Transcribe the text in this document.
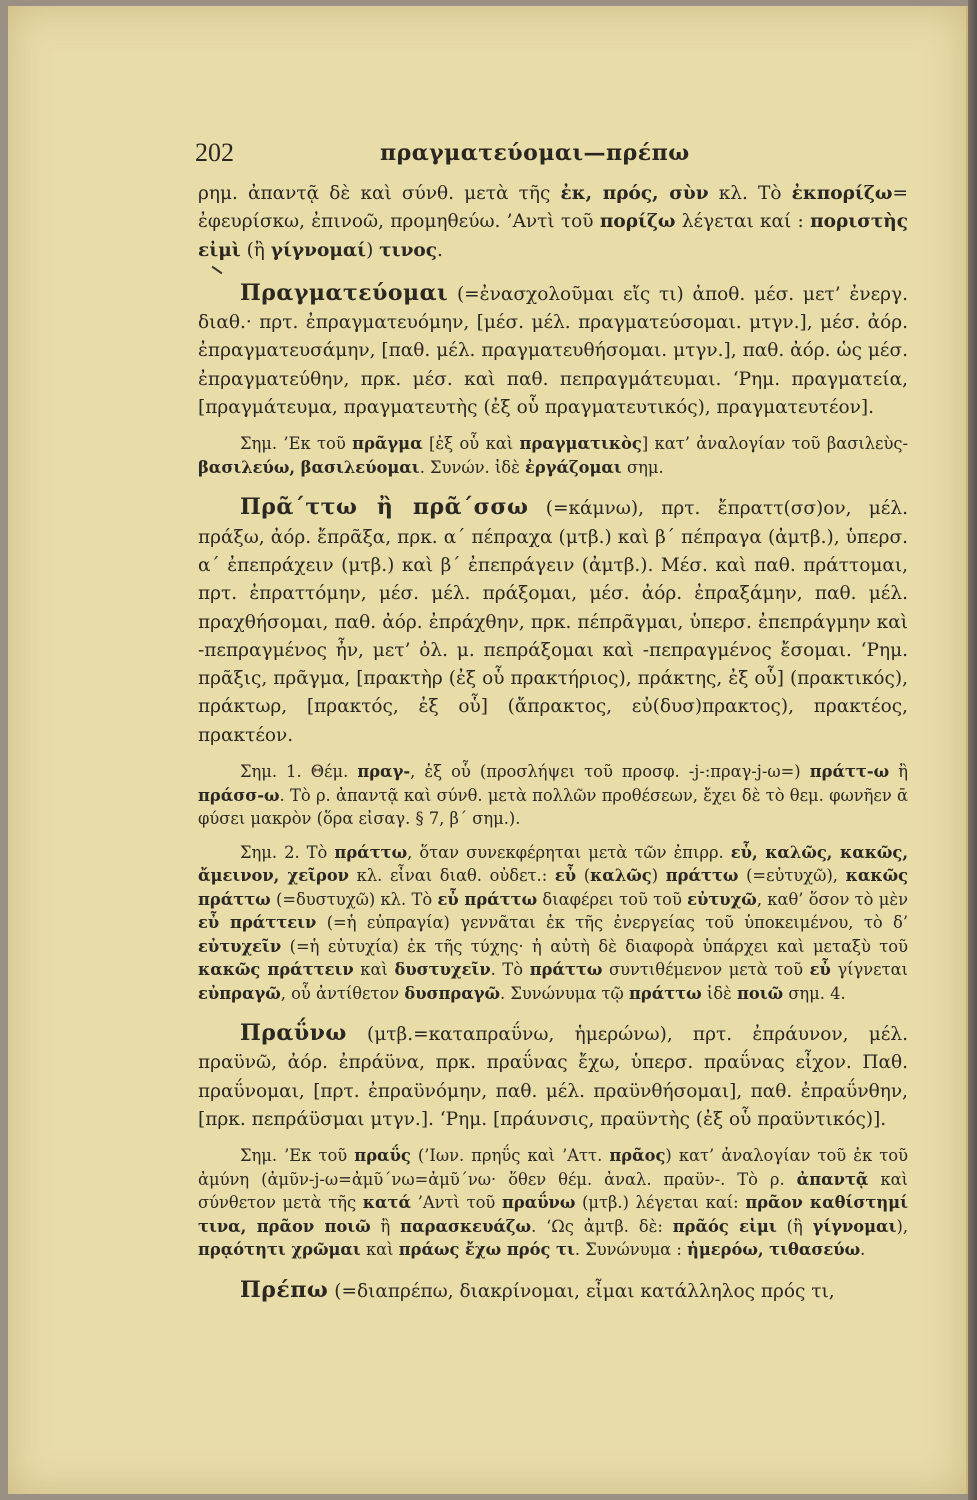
202	πραγματεύομαι—πρέπω

ρημ. ἀπαντᾷ δὲ καὶ σύνθ. μετὰ τῆς ἐκ, πρός, σὺν κλ. Τὸ ἐκπορίζω= ἐφευρίσκω, ἐπινοῶ, προμηθεύω. ’Αντὶ τοῦ πορίζω λέγεται καί : ποριστὴς εἰμὶ (ἢ γίγνομαί) τινος.

Πραγματεύομαι (=ἐνασχολοῦμαι εἴς τι) ἀποθ. μέσ. μετ’ ἐνεργ. διαθ.· πρτ. ἐπραγματευόμην, [μέσ. μέλ. πραγματεύσομαι. μτγν.], μέσ. ἀόρ. ἐπραγματευσάμην, [παθ. μέλ. πραγματευθήσομαι. μτγν.], παθ. ἀόρ. ὡς μέσ. ἐπραγματεύθην, πρκ. μέσ. καὶ παθ. πεπραγμάτευμαι. ‘Ρημ. πραγματεία, [πραγμάτευμα, πραγματευτὴς (ἐξ οὗ πραγματευτικός), πραγματευτέον].

Σημ. ’Εκ τοῦ πρᾶγμα [ἐξ οὗ καὶ πραγματικὸς] κατ’ ἀναλογίαν τοῦ βασιλεὺς-βασιλεύω, βασιλεύομαι. Συνών. ἰδὲ ἐργάζομαι σημ.

Πρᾶ΄ττω ἢ πρᾶ΄σσω (=κάμνω), πρτ. ἔπραττ(σσ)ον, μέλ. πράξω, ἀόρ. ἔπρᾶξα, πρκ. α΄ πέπραχα (μτβ.) καὶ β΄ πέπραγα (ἀμτβ.), ὑπερσ. α΄ ἐπεπράχειν (μτβ.) καὶ β΄ ἐπεπράγειν (ἀμτβ.). Μέσ. καὶ παθ. πράττομαι, πρτ. ἐπραττόμην, μέσ. μέλ. πράξομαι, μέσ. ἀόρ. ἐπραξάμην, παθ. μέλ. πραχθήσομαι, παθ. ἀόρ. ἐπράχθην, πρκ. πέπρᾶγμαι, ὑπερσ. ἐπεπράγμην καὶ -πεπραγμένος ἦν, μετ’ ὀλ. μ. πεπράξομαι καὶ -πεπραγμένος ἔσομαι. ‘Ρημ. πρᾶξις, πρᾶγμα, [πρακτὴρ (ἐξ οὗ πρακτήριος), πράκτης, ἐξ οὗ] (πρακτικός), πράκτωρ, [πρακτός, ἐξ οὗ] (ἄπρακτος, εὐ(δυσ)πρακτος), πρακτέος, πρακτέον.

Σημ. 1. Θέμ. πραγ-, ἐξ οὗ (προσλήψει τοῦ προσφ. -j-:πραγ-j-ω=) πράττ-ω ἢ πράσσ-ω. Τὸ ρ. ἀπαντᾷ καὶ σύνθ. μετὰ πολλῶν προθέσεων, ἔχει δὲ τὸ θεμ. φωνῆεν ᾱ φύσει μακρὸν (ὅρα εἰσαγ. § 7, β΄ σημ.).

Σημ. 2. Τὸ πράττω, ὅταν συνεκφέρηται μετὰ τῶν ἐπιρρ. εὖ, καλῶς, κακῶς, ἄμεινον, χεῖρον κλ. εἶναι διαθ. οὐδετ.: εὖ (καλῶς) πράττω (=εὐτυχῶ), κακῶς πράττω (=δυστυχῶ) κλ. Τὸ εὖ πράττω διαφέρει τοῦ τοῦ εὐτυχῶ, καθ’ ὅσον τὸ μὲν εὖ πράττειν (=ἡ εὐπραγία) γεννᾶται ἐκ τῆς ἐνεργείας τοῦ ὑποκειμένου, τὸ δ’ εὐτυχεῖν (=ἡ εὐτυχία) ἐκ τῆς τύχης· ἡ αὐτὴ δὲ διαφορὰ ὑπάρχει καὶ μεταξὺ τοῦ κακῶς πράττειν καὶ δυστυχεῖν. Τὸ πράττω συντιθέμενον μετὰ τοῦ εὖ γίγνεται εὐπραγῶ, οὗ ἀντίθετον δυσπραγῶ. Συνώνυμα τῷ πράττω ἰδὲ ποιῶ σημ. 4.

Πραΰνω (μτβ.=καταπραΰνω, ἡμερώνω), πρτ. ἐπράυνον, μέλ. πραϋνῶ, ἀόρ. ἐπράϋνα, πρκ. πραΰνας ἔχω, ὑπερσ. πραΰνας εἶχον. Παθ. πραΰνομαι, [πρτ. ἐπραϋνόμην, παθ. μέλ. πραϋνθήσομαι], παθ. ἐπραΰνθην, [πρκ. πεπράϋσμαι μτγν.]. ‘Ρημ. [πράυνσις, πραϋντὴς (ἐξ οὗ πραϋντικός)].

Σημ. ’Εκ τοῦ πραΰς (’Ιων. πρηΰς καὶ ’Αττ. πρᾶος) κατ’ ἀναλογίαν τοῦ ἐκ τοῦ ἀμύνη (ἀμῦν-j-ω=ἀμῦ΄νω=ἀμῦ΄νω· ὅθεν θέμ. ἀναλ. πραϋν-. Τὸ ρ. ἀπαντᾷ καὶ σύνθετον μετὰ τῆς κατά ’Αντὶ τοῦ πραΰνω (μτβ.) λέγεται καί: πρᾶον καθίστημί τινα, πρᾶον ποιῶ ἢ παρασκευάζω. ‘Ως ἀμτβ. δὲ: πρᾶός εἰμι (ἢ γίγνομαι), πρᾳότητι χρῶμαι καὶ πράως ἔχω πρός τι. Συνώνυμα : ἡμερόω, τιθασεύω.

Πρέπω (=διαπρέπω, διακρίνομαι, εἶμαι κατάλληλος πρός τι,
